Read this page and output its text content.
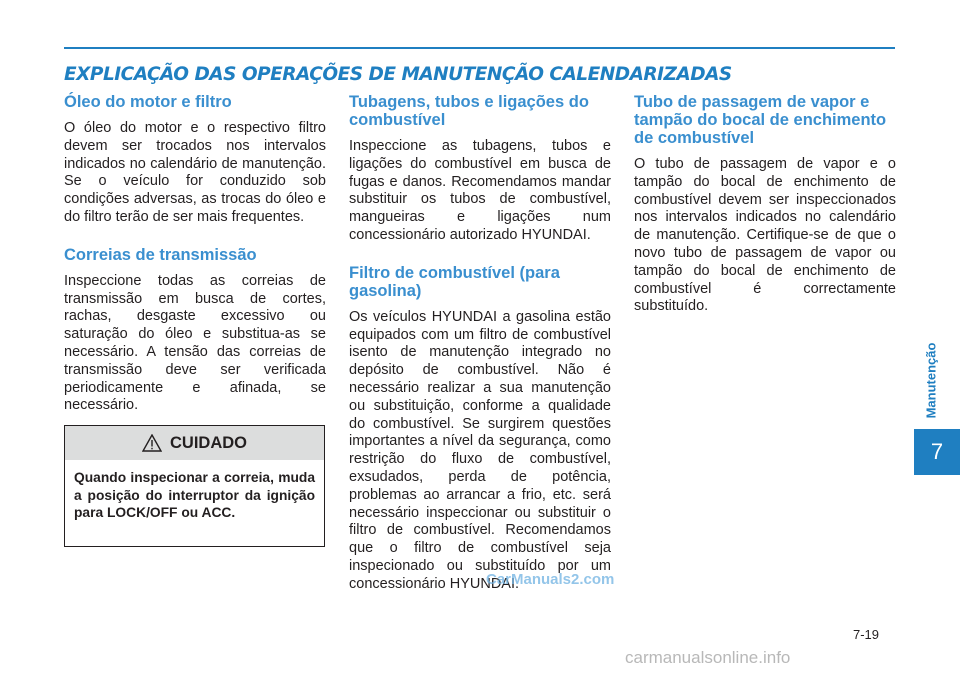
EXPLICAÇÃO DAS OPERAÇÕES DE MANUTENÇÃO CALENDARIZADAS
Óleo do motor e filtro

O óleo do motor e o respectivo filtro devem ser trocados nos intervalos indicados no calendário de manutenção. Se o veículo for conduzido sob condições adversas, as trocas do óleo e do filtro terão de ser mais frequentes.

Correias de transmissão

Inspeccione todas as correias de transmissão em busca de cortes, rachas, desgaste excessivo ou saturação do óleo e substitua-as se necessário. A tensão das correias de transmissão deve ser verificada periodicamente e afinada, se necessário.

CUIDADO
Quando inspecionar a correia, muda a posição do interruptor da ignição para LOCK/OFF ou ACC.
Tubagens, tubos e ligações do combustível

Inspeccione as tubagens, tubos e ligações do combustível em busca de fugas e danos. Recomendamos mandar substituir os tubos de combustível, mangueiras e ligações num concessionário autorizado HYUNDAI.

Filtro de combustível (para gasolina)

Os veículos HYUNDAI a gasolina estão equipados com um filtro de combustível isento de manutenção integrado no depósito de combustível. Não é necessário realizar a sua manutenção ou substituição, conforme a qualidade do combustível. Se surgirem questões importantes a nível da segurança, como restrição do fluxo de combustível, exsudados, perda de potência, problemas ao arrancar a frio, etc. será necessário inspeccionar ou substituir o filtro de combustível. Recomendamos que o filtro de combustível seja inspecionado ou substituído por um concessionário HYUNDAI.

Tubo de passagem de vapor e tampão do bocal de enchimento de combustível

O tubo de passagem de vapor e o tampão do bocal de enchimento de combustível devem ser inspeccionados nos intervalos indicados no calendário de manutenção. Certifique-se de que o novo tubo de passagem de vapor ou tampão do bocal de enchimento de combustível é correctamente substituído.

Manutenção
7
7-19
CarManuals2.com
carmanualsonline.info
